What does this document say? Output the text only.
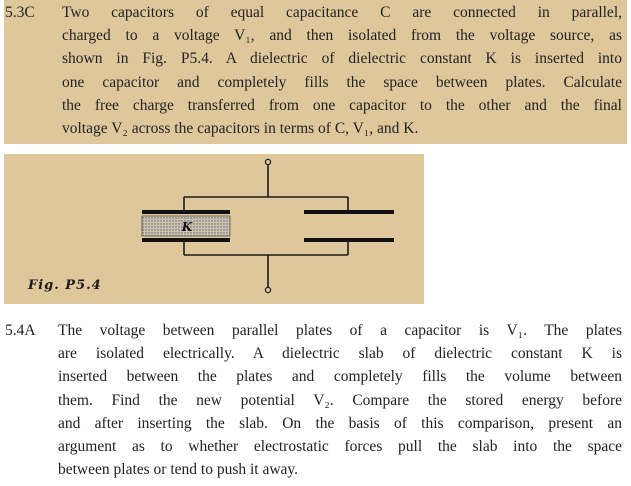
5.3C Two capacitors of equal capacitance C are connected in parallel,
charged to a voltage V₁, and then isolated from the voltage source, as
shown in Fig. P5.4. A dielectric of dielectric constant K is inserted into
one capacitor and completely fills the space between plates. Calculate
the free charge transferred from one capacitor to the other and the final
voltage V₂ across the capacitors in terms of C, V₁, and K.
K
Fig. P5.4
5.4A The voltage between parallel plates of a capacitor is V₁. The plates
are isolated electrically. A dielectric slab of dielectric constant K is
inserted between the plates and completely fills the volume between
them. Find the new potential V₂. Compare the stored energy before
and after inserting the slab. On the basis of this comparison, present an
argument as to whether electrostatic forces pull the slab into the space
between plates or tend to push it away.
